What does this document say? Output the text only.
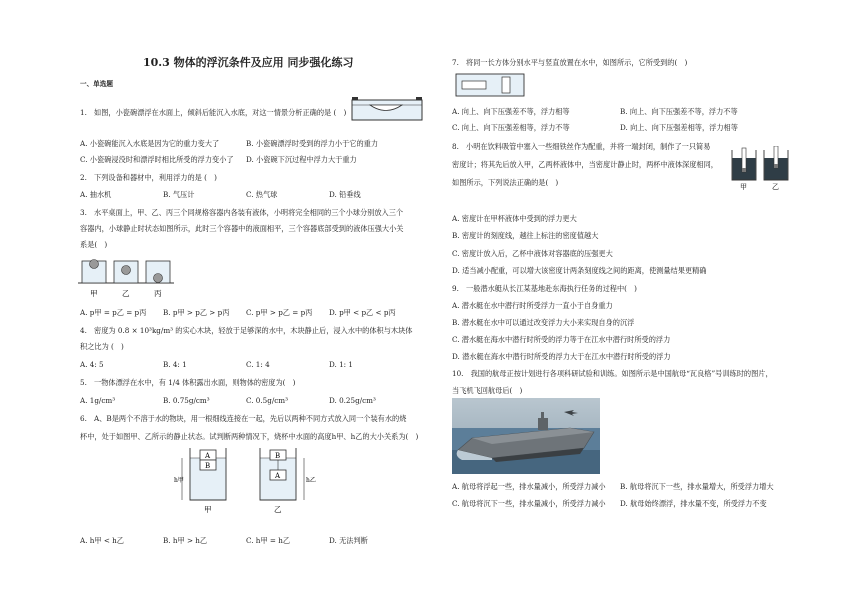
10.3 物体的浮沉条件及应用 同步强化练习
一、单选题
1.　如图，小瓷碗漂浮在水面上，倾斜后能沉入水底，对这一情景分析正确的是 (　)
A. 小瓷碗能沉入水底是因为它的重力变大了	B. 小瓷碗漂浮时受到的浮力小于它的重力
C. 小瓷碗浸没时和漂浮时相比所受的浮力变小了 D. 小瓷碗下沉过程中浮力大于重力
2.　下列设备和器材中，利用浮力的是 (　)
A. 抽水机	B. 气压计	C. 热气球	D. 铅垂线
3.　水平桌面上，甲、乙、丙三个同规格容器内各装有液体，小明将完全相同的三个小球分别放入三个
容器内，小球静止时状态如图所示，此时三个容器中的液面相平，三个容器底部受到的液体压强大小关
系是(　)
甲	乙	丙
A. p甲 = p乙 = p丙 B. p甲 > p乙 > p丙 C. p甲 > p乙 = p丙 D. p甲 < p乙 < p丙
4.　密度为 0.8 × 10³kg/m³ 的实心木块，轻放于足够深的水中，木块静止后，浸入水中的体积与木块体
积之比为 (　)
A. 4: 5	B. 4: 1	C. 1: 4	D. 1: 1
5.　一物体漂浮在水中，有 1/4 体积露出水面，则物体的密度为(　)
A. 1g/cm³	B. 0.75g/cm³	C. 0.5g/cm³	D. 0.25g/cm³
6.　A、B是两个不溶于水的物块，用一根细线连接在一起，先后以两种不同方式放入同一个装有水的烧
杯中，处于如图甲、乙所示的静止状态。试判断两种情况下，烧杯中水面的高度h甲、h乙的大小关系为(　)
A
B
h甲
甲
B
A
h乙
乙
A. h甲 < h乙	B. h甲 > h乙	C. h甲 = h乙	D. 无法判断
7.　将同一长方体分别水平与竖直放置在水中，如图所示，它所受到的(　)
A. 向上、向下压强差不等，浮力相等	B. 向上、向下压强差不等，浮力不等
C. 向上、向下压强差相等，浮力不等	D. 向上、向下压强差相等，浮力相等
8.　小明在饮料吸管中塞入一些细铁丝作为配重，并将一端封闭，制作了一只简易
密度计；将其先后放入甲，乙两杯液体中，当密度计静止时，两杯中液体深度相同，
如图所示，下列说法正确的是(　)	甲	乙
A. 密度计在甲杯液体中受到的浮力更大
B. 密度计的刻度线，越往上标注的密度值越大
C. 密度计放入后，乙杯中液体对容器底的压强更大
D. 适当减小配重，可以增大该密度计两条刻度线之间的距离，使测量结果更精确
9.　一般潜水艇从长江某基地赴东海执行任务的过程中(　)
A. 潜水艇在水中潜行时所受浮力一直小于自身重力
B. 潜水艇在水中可以通过改变浮力大小来实现自身的沉浮
C. 潜水艇在海水中潜行时所受的浮力等于在江水中潜行时所受的浮力
D. 潜水艇在海水中潜行时所受的浮力大于在江水中潜行时所受的浮力
10.　我国的航母正按计划进行各项科研试验和训练。如图所示是中国航母“瓦良格”号训练时的图片，
当飞机飞回航母后(　)
A. 航母将浮起一些，排水量减小，所受浮力减小 B. 航母将沉下一些，排水量增大，所受浮力增大
C. 航母将沉下一些，排水量减小，所受浮力减小 D. 航母始终漂浮，排水量不变，所受浮力不变
